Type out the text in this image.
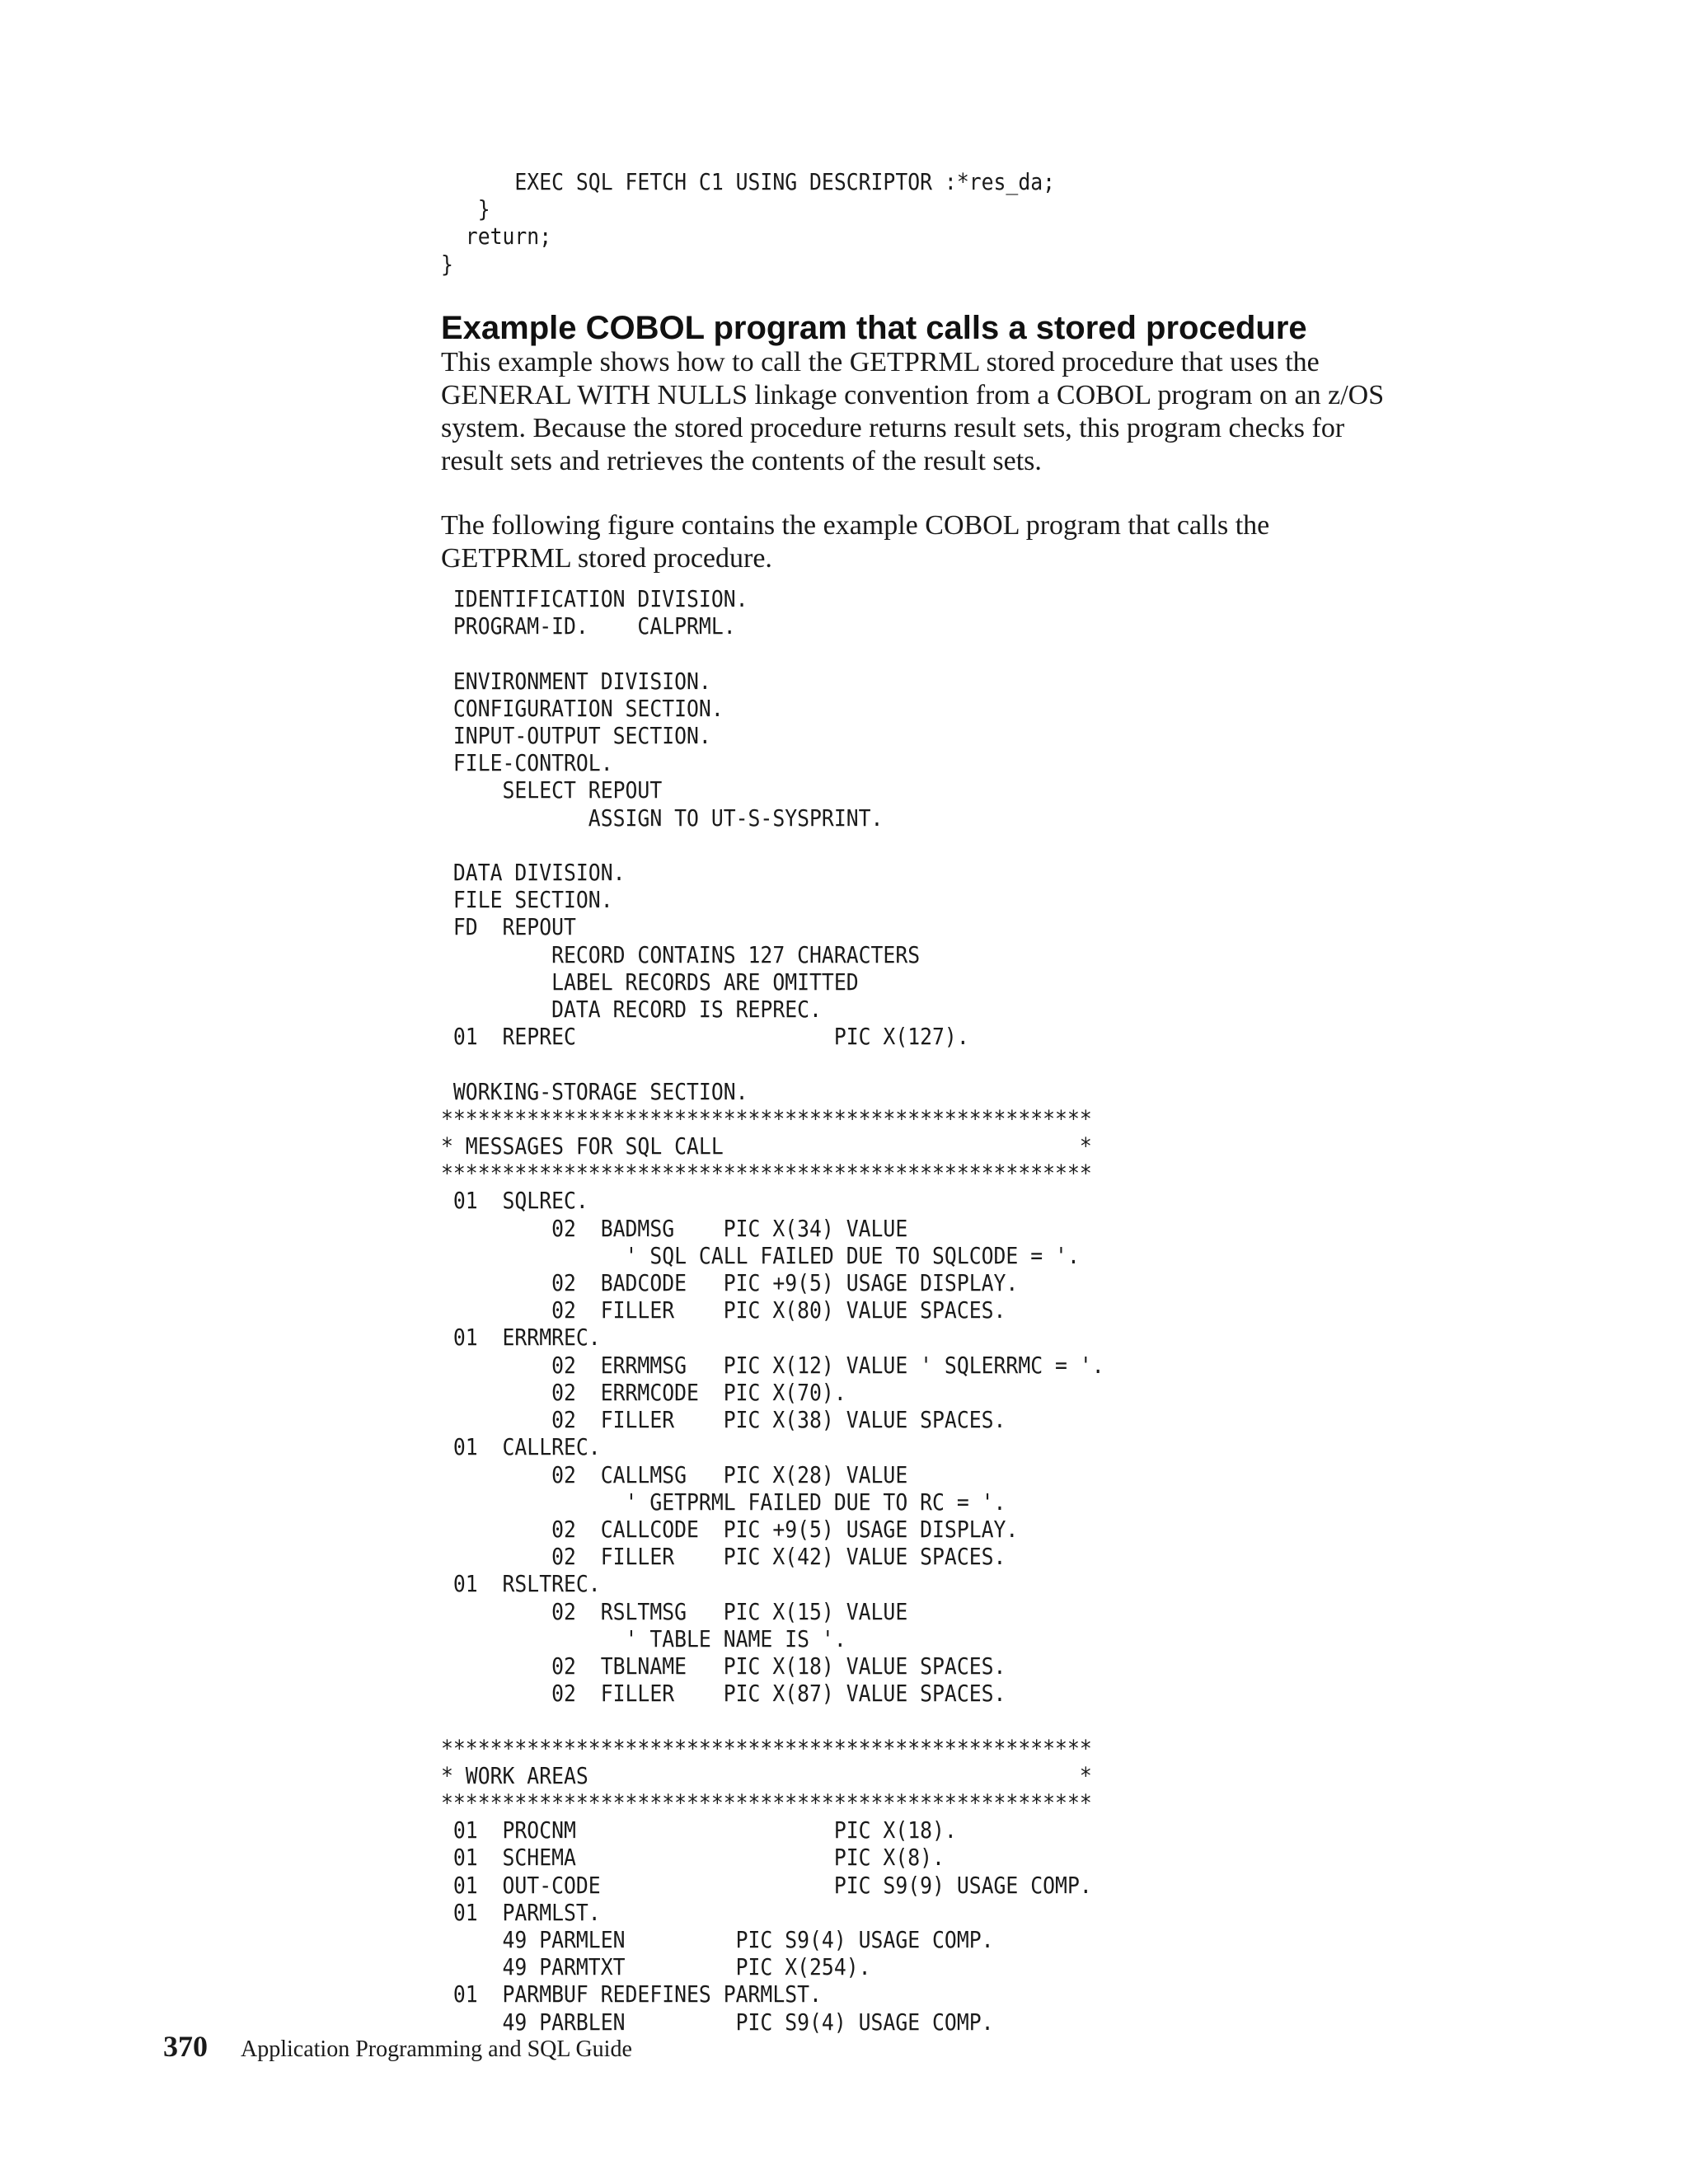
EXEC SQL FETCH C1 USING DESCRIPTOR :*res_da;
}
return;
}
Example COBOL program that calls a stored procedure

This example shows how to call the GETPRML stored procedure that uses the
GENERAL WITH NULLS linkage convention from a COBOL program on an z/OS
system. Because the stored procedure returns result sets, this program checks for
result sets and retrieves the contents of the result sets.

The following figure contains the example COBOL program that calls the
GETPRML stored procedure.

IDENTIFICATION DIVISION.
PROGRAM-ID.    CALPRML.

ENVIRONMENT DIVISION.
CONFIGURATION SECTION.
INPUT-OUTPUT SECTION.
FILE-CONTROL.
SELECT REPOUT
ASSIGN TO UT-S-SYSPRINT.

DATA DIVISION.
FILE SECTION.
FD  REPOUT
RECORD CONTAINS 127 CHARACTERS
LABEL RECORDS ARE OMITTED
DATA RECORD IS REPREC.
01  REPREC                     PIC X(127).

WORKING-STORAGE SECTION.
*****************************************************
* MESSAGES FOR SQL CALL                             *
*****************************************************
01  SQLREC.
02  BADMSG    PIC X(34) VALUE
' SQL CALL FAILED DUE TO SQLCODE = '.
02  BADCODE   PIC +9(5) USAGE DISPLAY.
02  FILLER    PIC X(80) VALUE SPACES.
01  ERRMREC.
02  ERRMMSG   PIC X(12) VALUE ' SQLERRMC = '.
02  ERRMCODE  PIC X(70).
02  FILLER    PIC X(38) VALUE SPACES.
01  CALLREC.
02  CALLMSG   PIC X(28) VALUE
' GETPRML FAILED DUE TO RC = '.
02  CALLCODE  PIC +9(5) USAGE DISPLAY.
02  FILLER    PIC X(42) VALUE SPACES.
01  RSLTREC.
02  RSLTMSG   PIC X(15) VALUE
' TABLE NAME IS '.
02  TBLNAME   PIC X(18) VALUE SPACES.
02  FILLER    PIC X(87) VALUE SPACES.

*****************************************************
* WORK AREAS                                        *
*****************************************************
01  PROCNM                     PIC X(18).
01  SCHEMA                     PIC X(8).
01  OUT-CODE                   PIC S9(9) USAGE COMP.
01  PARMLST.
49 PARMLEN         PIC S9(4) USAGE COMP.
49 PARMTXT         PIC X(254).
01  PARMBUF REDEFINES PARMLST.
49 PARBLEN         PIC S9(4) USAGE COMP.
370 Application Programming and SQL Guide
